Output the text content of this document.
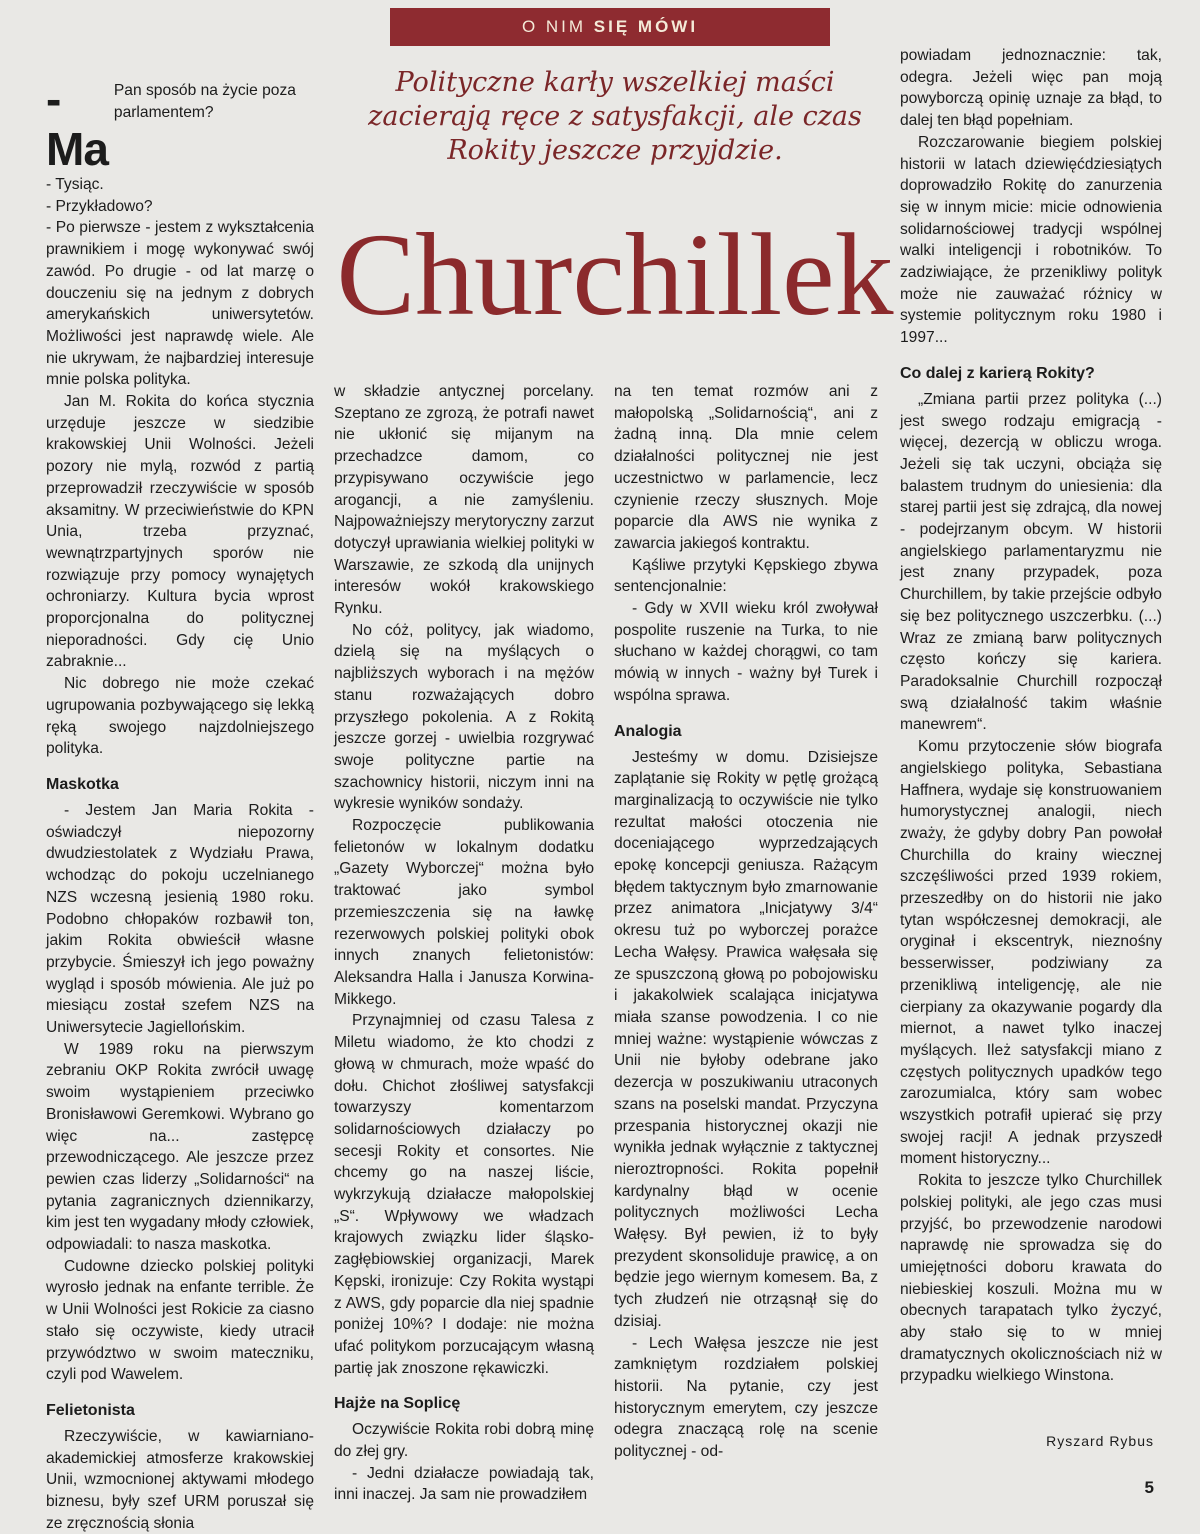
O NIM SIĘ MÓWI
Polityczne karły wszelkiej maści zacierają ręce z satysfakcji, ale czas Rokity jeszcze przyjdzie.
Churchillek
- Ma
Pan sposób na życie poza parlamentem?

- Tysiąc.

- Przykładowo?

- Po pierwsze - jestem z wykształcenia prawnikiem i mogę wykonywać swój zawód. Po drugie - od lat marzę o douczeniu się na jednym z dobrych amerykańskich uniwersytetów. Możliwości jest naprawdę wiele. Ale nie ukrywam, że najbardziej interesuje mnie polska polityka.

Jan M. Rokita do końca stycznia urzęduje jeszcze w siedzibie krakowskiej Unii Wolności. Jeżeli pozory nie mylą, rozwód z partią przeprowadził rzeczywiście w sposób aksamitny. W przeciwieństwie do KPN Unia, trzeba przyznać, wewnątrzpartyjnych sporów nie rozwiązuje przy pomocy wynajętych ochroniarzy. Kultura bycia wprost proporcjonalna do politycznej nieporadności. Gdy cię Unio zabraknie...

Nic dobrego nie może czekać ugrupowania pozbywającego się lekką ręką swojego najzdolniejszego polityka.

Maskotka

- Jestem Jan Maria Rokita - oświadczył niepozorny dwudziestolatek z Wydziału Prawa, wchodząc do pokoju uczelnianego NZS wczesną jesienią 1980 roku. Podobno chłopaków rozbawił ton, jakim Rokita obwieścił własne przybycie. Śmieszył ich jego poważny wygląd i sposób mówienia. Ale już po miesiącu został szefem NZS na Uniwersytecie Jagiellońskim.

W 1989 roku na pierwszym zebraniu OKP Rokita zwrócił uwagę swoim wystąpieniem przeciwko Bronisławowi Geremkowi. Wybrano go więc na... zastępcę przewodniczącego. Ale jeszcze przez pewien czas liderzy „Solidarności“ na pytania zagranicznych dziennikarzy, kim jest ten wygadany młody człowiek, odpowiadali: to nasza maskotka.

Cudowne dziecko polskiej polityki wyrosło jednak na enfante terrible. Że w Unii Wolności jest Rokicie za ciasno stało się oczywiste, kiedy utracił przywództwo w swoim mateczniku, czyli pod Wawelem.

Felietonista

Rzeczywiście, w kawiarniano-akademickiej atmosferze krakowskiej Unii, wzmocnionej aktywami młodego biznesu, były szef URM poruszał się ze zręcznością słonia

w składzie antycznej porcelany. Szeptano ze zgrozą, że potrafi nawet nie ukłonić się mijanym na przechadzce damom, co przypisywano oczywiście jego arogancji, a nie zamyśleniu. Najpoważniejszy merytoryczny zarzut dotyczył uprawiania wielkiej polityki w Warszawie, ze szkodą dla unijnych interesów wokół krakowskiego Rynku.

No cóż, politycy, jak wiadomo, dzielą się na myślących o najbliższych wyborach i na mężów stanu rozważających dobro przyszłego pokolenia. A z Rokitą jeszcze gorzej - uwielbia rozgrywać swoje polityczne partie na szachownicy historii, niczym inni na wykresie wyników sondaży.

Rozpoczęcie publikowania felietonów w lokalnym dodatku „Gazety Wyborczej“ można było traktować jako symbol przemieszczenia się na ławkę rezerwowych polskiej polityki obok innych znanych felietonistów: Aleksandra Halla i Janusza Korwina-Mikkego.

Przynajmniej od czasu Talesa z Miletu wiadomo, że kto chodzi z głową w chmurach, może wpaść do dołu. Chichot złośliwej satysfakcji towarzyszy komentarzom solidarnościowych działaczy po secesji Rokity et consortes. Nie chcemy go na naszej liście, wykrzykują działacze małopolskiej „S“. Wpływowy we władzach krajowych związku lider śląsko-zagłębiowskiej organizacji, Marek Kępski, ironizuje: Czy Rokita wystąpi z AWS, gdy poparcie dla niej spadnie poniżej 10%? I dodaje: nie można ufać politykom porzucającym własną partię jak znoszone rękawiczki.

Hajże na Soplicę

Oczywiście Rokita robi dobrą minę do złej gry.

- Jedni działacze powiadają tak, inni inaczej. Ja sam nie prowadziłem

na ten temat rozmów ani z małopolską „Solidarnością“, ani z żadną inną. Dla mnie celem działalności politycznej nie jest uczestnictwo w parlamencie, lecz czynienie rzeczy słusznych. Moje poparcie dla AWS nie wynika z zawarcia jakiegoś kontraktu.

Kąśliwe przytyki Kępskiego zbywa sentencjonalnie:

- Gdy w XVII wieku król zwoływał pospolite ruszenie na Turka, to nie słuchano w każdej chorągwi, co tam mówią w innych - ważny był Turek i wspólna sprawa.

Analogia

Jesteśmy w domu. Dzisiejsze zaplątanie się Rokity w pętlę grożącą marginalizacją to oczywiście nie tylko rezultat małości otoczenia nie doceniającego wyprzedzających epokę koncepcji geniusza. Rażącym błędem taktycznym było zmarnowanie przez animatora „Inicjatywy 3/4“ okresu tuż po wyborczej porażce Lecha Wałęsy. Prawica wałęsała się ze spuszczoną głową po pobojowisku i jakakolwiek scalająca inicjatywa miała szanse powodzenia. I co nie mniej ważne: wystąpienie wówczas z Unii nie byłoby odebrane jako dezercja w poszukiwaniu utraconych szans na poselski mandat. Przyczyna przespania historycznej okazji nie wynikła jednak wyłącznie z taktycznej nieroztropności. Rokita popełnił kardynalny błąd w ocenie politycznych możliwości Lecha Wałęsy. Był pewien, iż to były prezydent skonsoliduje prawicę, a on będzie jego wiernym komesem. Ba, z tych złudzeń nie otrząsnął się do dzisiaj.

- Lech Wałęsa jeszcze nie jest zamkniętym rozdziałem polskiej historii. Na pytanie, czy jest historycznym emerytem, czy jeszcze odegra znaczącą rolę na scenie politycznej - od-

powiadam jednoznacznie: tak, odegra. Jeżeli więc pan moją powyborczą opinię uznaje za błąd, to dalej ten błąd popełniam.

Rozczarowanie biegiem polskiej historii w latach dziewięćdziesiątych doprowadziło Rokitę do zanurzenia się w innym micie: micie odnowienia solidarnościowej tradycji wspólnej walki inteligencji i robotników. To zadziwiające, że przenikliwy polityk może nie zauważać różnicy w systemie politycznym roku 1980 i 1997...

Co dalej z karierą Rokity?

„Zmiana partii przez polityka (...) jest swego rodzaju emigracją - więcej, dezercją w obliczu wroga. Jeżeli się tak uczyni, obciąża się balastem trudnym do uniesienia: dla starej partii jest się zdrajcą, dla nowej - podejrzanym obcym. W historii angielskiego parlamentaryzmu nie jest znany przypadek, poza Churchillem, by takie przejście odbyło się bez politycznego uszczerbku. (...) Wraz ze zmianą barw politycznych często kończy się kariera. Paradoksalnie Churchill rozpoczął swą działalność takim właśnie manewrem“.

Komu przytoczenie słów biografa angielskiego polityka, Sebastiana Haffnera, wydaje się konstruowaniem humorystycznej analogii, niech zważy, że gdyby dobry Pan powołał Churchilla do krainy wiecznej szczęśliwości przed 1939 rokiem, przeszedłby on do historii nie jako tytan współczesnej demokracji, ale oryginał i ekscentryk, nieznośny besserwisser, podziwiany za przenikliwą inteligencję, ale nie cierpiany za okazywanie pogardy dla miernot, a nawet tylko inaczej myślących. Ileż satysfakcji miano z częstych politycznych upadków tego zarozumialca, który sam wobec wszystkich potrafił upierać się przy swojej racji! A jednak przyszedł moment historyczny...

Rokita to jeszcze tylko Churchillek polskiej polityki, ale jego czas musi przyjść, bo przewodzenie narodowi naprawdę nie sprowadza się do umiejętności doboru krawata do niebieskiej koszuli. Można mu w obecnych tarapatach tylko życzyć, aby stało się to w mniej dramatycznych okolicznościach niż w przypadku wielkiego Winstona.

Ryszard Rybus
5
